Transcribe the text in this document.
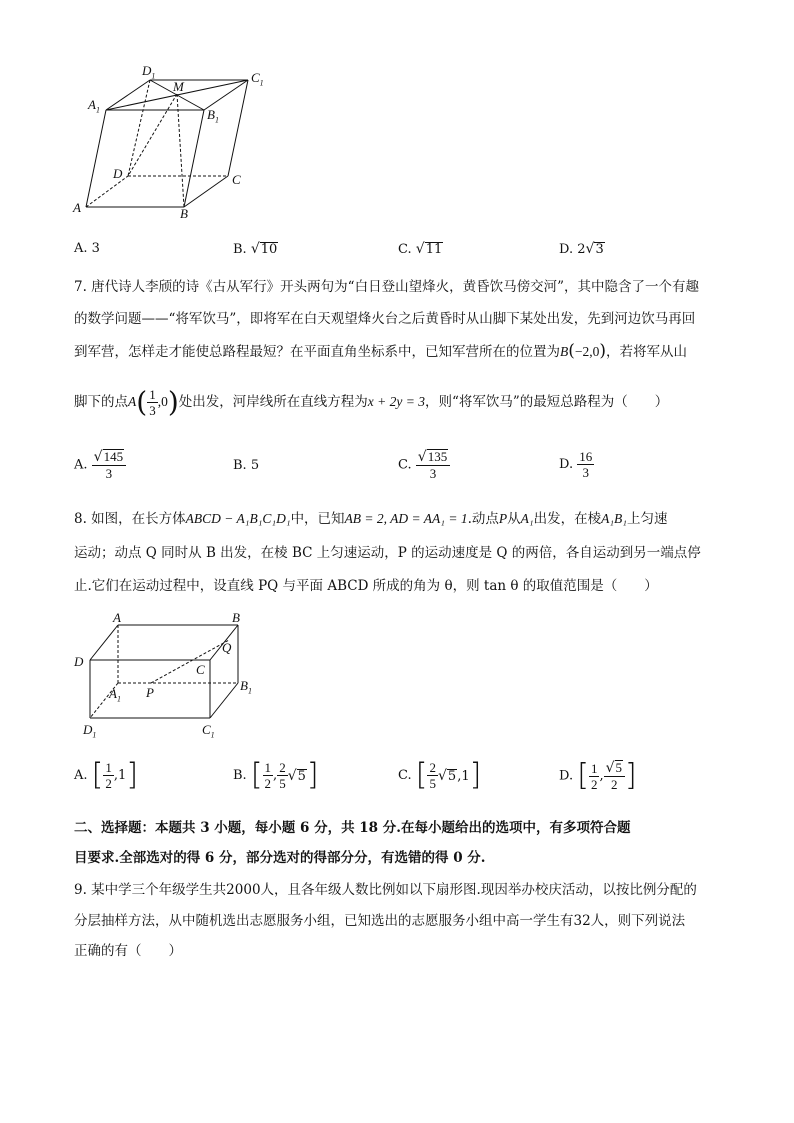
$D_1$	$C_1$
$A_1$	$B_1$
M
D	C
A	B
A. 3	B. √10	C. √11	D. 2√3
7. 唐代诗人李颀的诗《古从军行》开头两句为“白日登山望烽火，黄昏饮马傍交河”，其中隐含了一个有趣
的数学问题——“将军饮马”，即将军在白天观望烽火台之后黄昏时从山脚下某处出发，先到河边饮马再回
到军营，怎样走才能使总路程最短？在平面直角坐标系中，已知军营所在的位置为B(−2,0)，若将军从山
脚下的点$A( \frac{1}{3} ,0)$处出发，河岸线所在直线方程为x + 2y = 3，则“将军饮马”的最短总路程为（　　）
A. $\frac{√145}{3}$	B. 5	C. $\frac{√135}{3}$	D. $\frac{16}{3}$
8. 如图，在长方体ABCD − A₁B₁C₁D₁中，已知AB = 2, AD = AA₁ = 1.动点P从A₁出发，在棱A₁B₁上匀速
运动；动点 Q 同时从 B 出发，在棱 BC 上匀速运动，P 的运动速度是 Q 的两倍，各自运动到另一端点停
止.它们在运动过程中，设直线 PQ 与平面 ABCD 所成的角为 θ，则 tan θ 的取值范围是（　　）
A	B
D
Q
C
$B_1$
$A_1$ P
$D_1$	$C_1$
A. [ $\frac{1}{2} ,1$]	B. [ $\frac{1}{2}$ , $\frac{2}{5} √5$]	C. [ $\frac{2}{5} √5,1$]	D. [ $\frac{1}{2}$ , $\frac{√5}{2}$ ]
二、选择题：本题共 3 小题，每小题 6 分，共 18 分.在每小题给出的选项中，有多项符合题
目要求.全部选对的得 6 分，部分选对的得部分分，有选错的得 0 分.
9. 某中学三个年级学生共2000人，且各年级人数比例如以下扇形图.现因举办校庆活动，以按比例分配的
分层抽样方法，从中随机选出志愿服务小组，已知选出的志愿服务小组中高一学生有32人，则下列说法
正确的有（　　）
